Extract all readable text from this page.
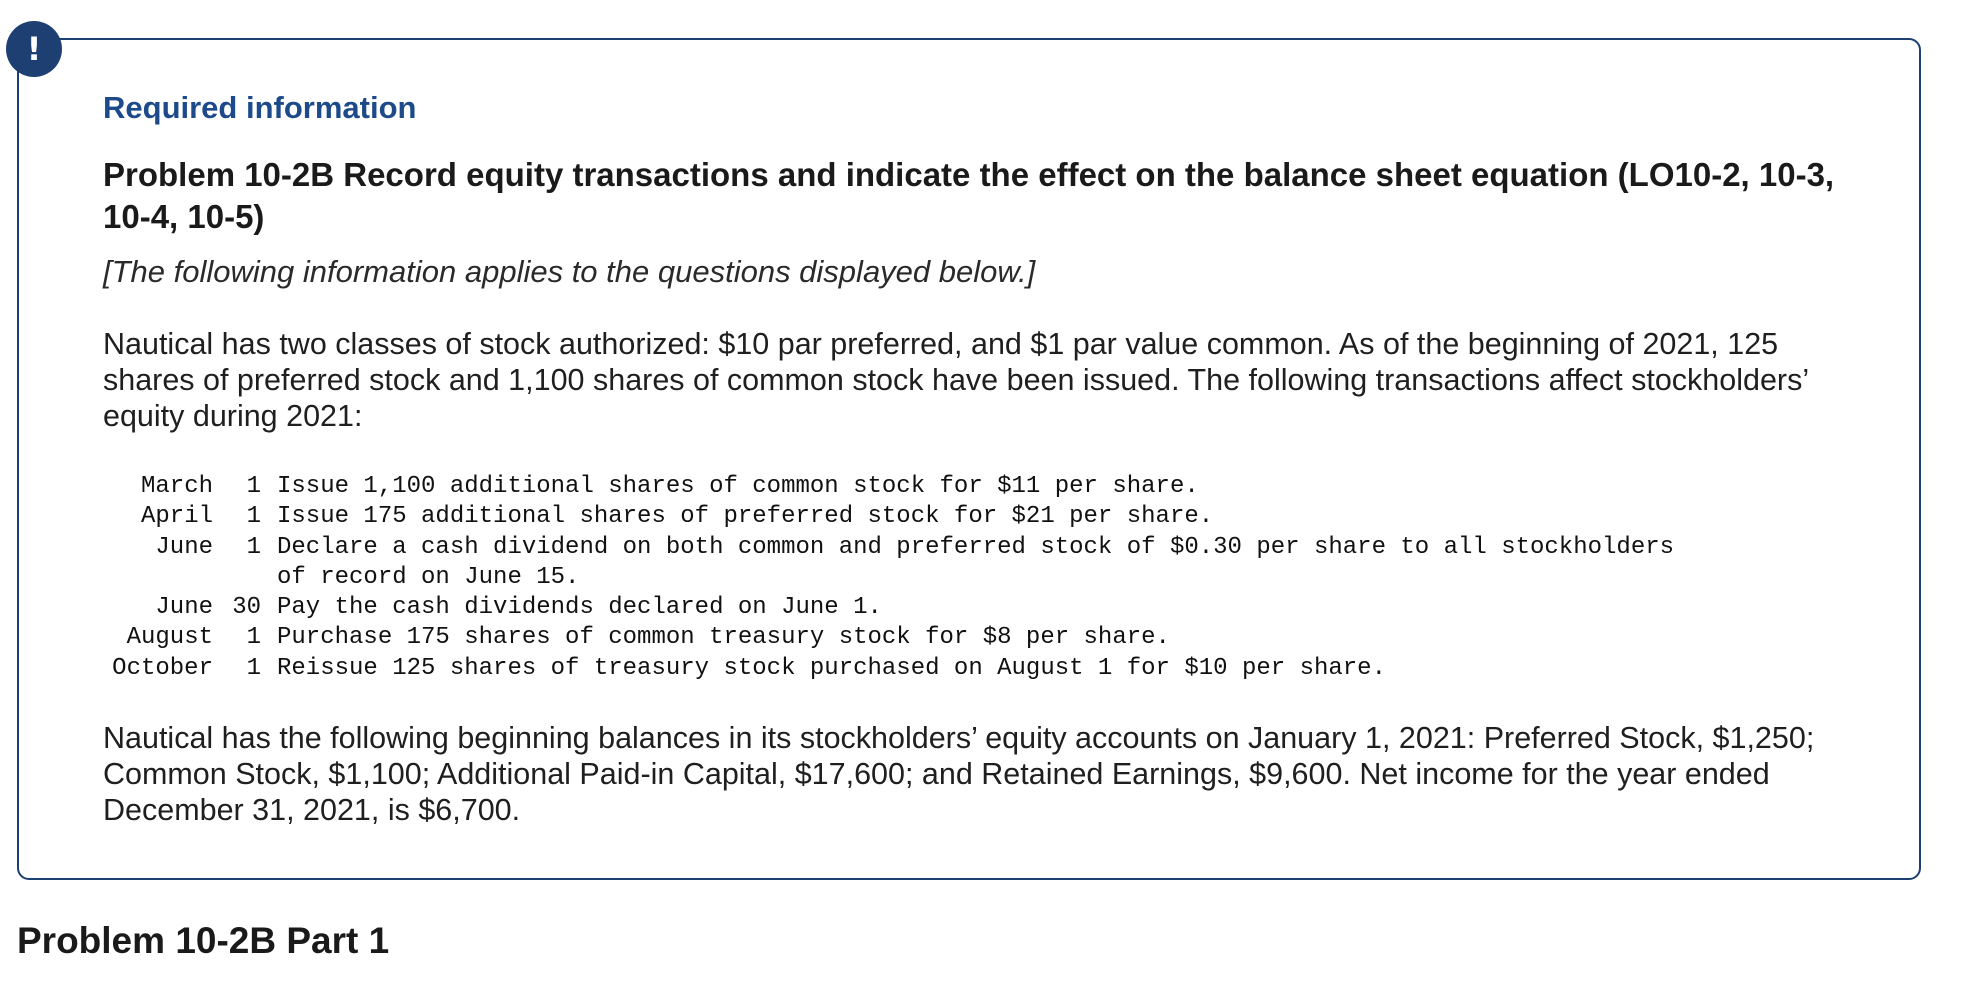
!
Required information
Problem 10-2B Record equity transactions and indicate the effect on the balance sheet equation (LO10-2, 10-3, 10-4, 10-5)
[The following information applies to the questions displayed below.]

Nautical has two classes of stock authorized: $10 par preferred, and $1 par value common. As of the beginning of 2021, 125 shares of preferred stock and 1,100 shares of common stock have been issued. The following transactions affect stockholders’ equity during 2021:

March	1 Issue 1,100 additional shares of common stock for $11 per share.
April	1 Issue 175 additional shares of preferred stock for $21 per share.
June	1 Declare a cash dividend on both common and preferred stock of $0.30 per share to all stockholders
of record on June 15.
June 30 Pay the cash dividends declared on June 1.
August	1 Purchase 175 shares of common treasury stock for $8 per share.
October	1 Reissue 125 shares of treasury stock purchased on August 1 for $10 per share.

Nautical has the following beginning balances in its stockholders’ equity accounts on January 1, 2021: Preferred Stock, $1,250; Common Stock, $1,100; Additional Paid-in Capital, $17,600; and Retained Earnings, $9,600. Net income for the year ended December 31, 2021, is $6,700.

Problem 10-2B Part 1
